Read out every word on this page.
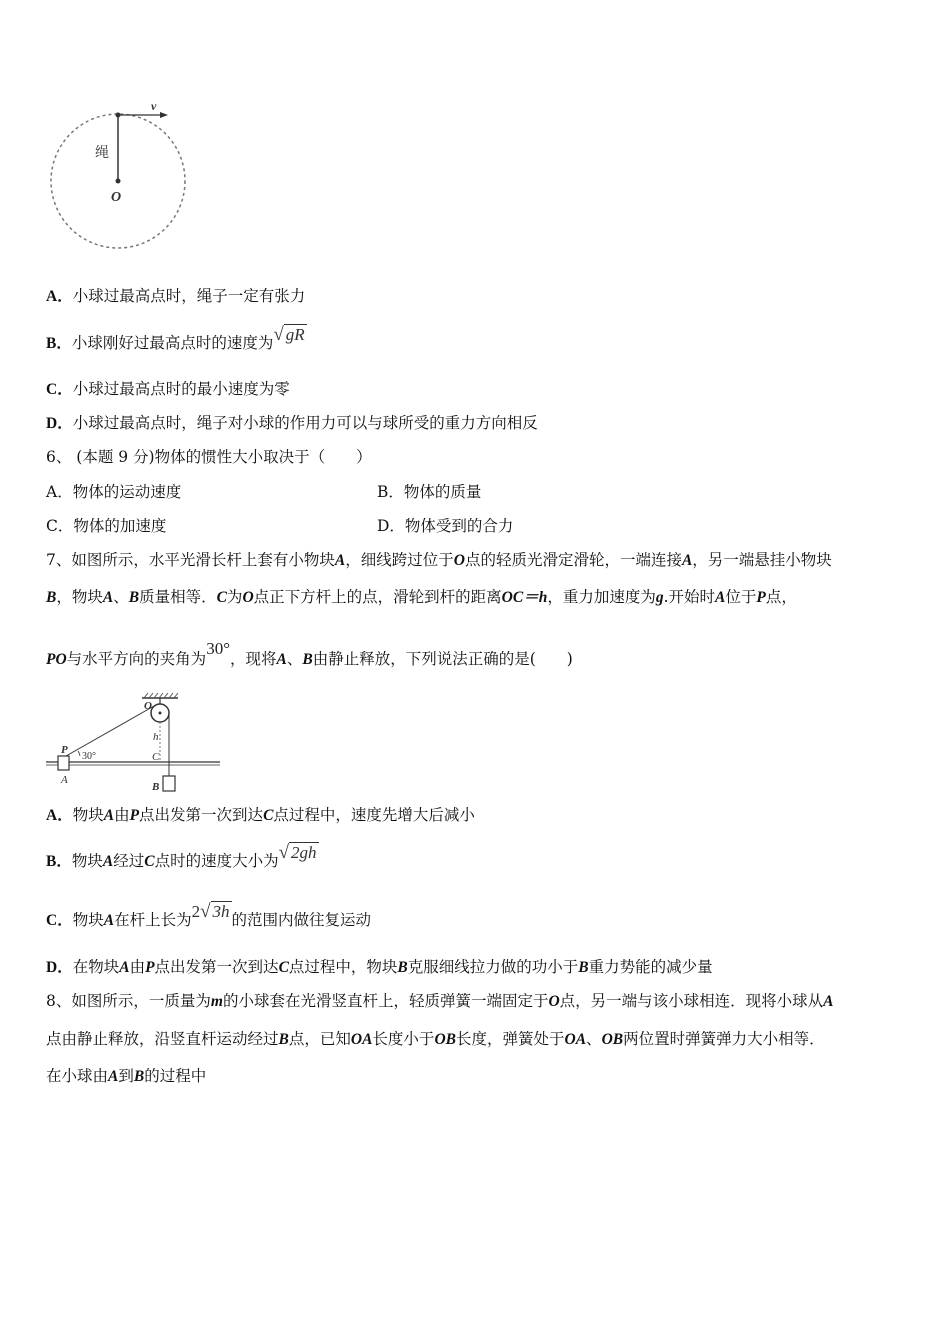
v
绳
O
A．小球过最高点时，绳子一定有张力
B．小球刚好过最高点时的速度为√ gR
C．小球过最高点时的最小速度为零
D．小球过最高点时，绳子对小球的作用力可以与球所受的重力方向相反
6、 (本题 9 分)物体的惯性大小取决于（　　）
A．物体的运动速度	B．物体的质量
C．物体的加速度	D．物体受到的合力
7、如图所示，水平光滑长杆上套有小物块A，细线跨过位于O点的轻质光滑定滑轮，一端连接A，另一端悬挂小物块
B，物块A、B质量相等．C为O点正下方杆上的点，滑轮到杆的距离OC＝h，重力加速度为g.开始时A位于P点，
PO与水平方向的夹角为30°，现将A、B由静止释放，下列说法正确的是(　　)
O
P
30°
A
h
C
B
A．物块A由P点出发第一次到达C点过程中，速度先增大后减小
B．物块A经过C点时的速度大小为√ 2gh
C．物块A在杆上长为2√ 3h 的范围内做往复运动
D．在物块A由P点出发第一次到达C点过程中，物块B克服细线拉力做的功小于B重力势能的减少量
8、如图所示，一质量为m的小球套在光滑竖直杆上，轻质弹簧一端固定于O点，另一端与该小球相连．现将小球从A
点由静止释放，沿竖直杆运动经过B点，已知OA长度小于OB长度，弹簧处于OA、OB两位置时弹簧弹力大小相等．
在小球由A到B的过程中
